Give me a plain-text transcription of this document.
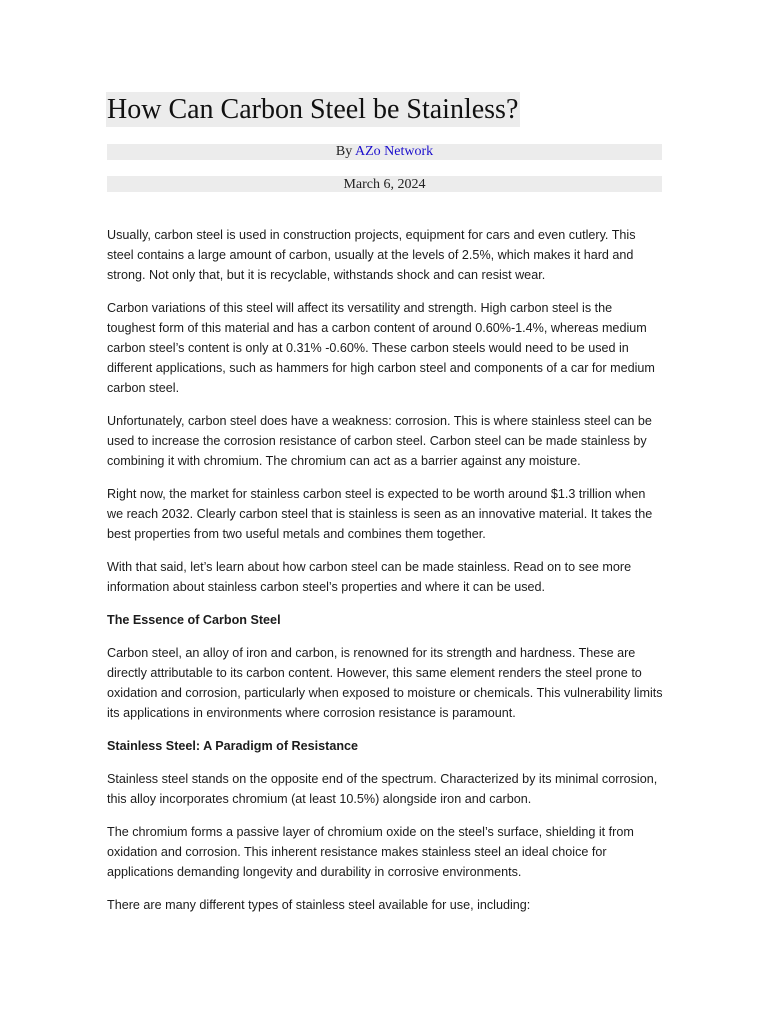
How Can Carbon Steel be Stainless?
By AZo Network
March 6, 2024

Usually, carbon steel is used in construction projects, equipment for cars and even cutlery. This steel contains a large amount of carbon, usually at the levels of 2.5%, which makes it hard and strong. Not only that, but it is recyclable, withstands shock and can resist wear.

Carbon variations of this steel will affect its versatility and strength. High carbon steel is the toughest form of this material and has a carbon content of around 0.60%-1.4%, whereas medium carbon steel’s content is only at 0.31% -0.60%. These carbon steels would need to be used in different applications, such as hammers for high carbon steel and components of a car for medium carbon steel.

Unfortunately, carbon steel does have a weakness: corrosion. This is where stainless steel can be used to increase the corrosion resistance of carbon steel. Carbon steel can be made stainless by combining it with chromium. The chromium can act as a barrier against any moisture.

Right now, the market for stainless carbon steel is expected to be worth around $1.3 trillion when we reach 2032. Clearly carbon steel that is stainless is seen as an innovative material. It takes the best properties from two useful metals and combines them together.

With that said, let’s learn about how carbon steel can be made stainless. Read on to see more information about stainless carbon steel’s properties and where it can be used.

The Essence of Carbon Steel

Carbon steel, an alloy of iron and carbon, is renowned for its strength and hardness. These are directly attributable to its carbon content. However, this same element renders the steel prone to oxidation and corrosion, particularly when exposed to moisture or chemicals. This vulnerability limits its applications in environments where corrosion resistance is paramount.

Stainless Steel: A Paradigm of Resistance

Stainless steel stands on the opposite end of the spectrum. Characterized by its minimal corrosion, this alloy incorporates chromium (at least 10.5%) alongside iron and carbon.

The chromium forms a passive layer of chromium oxide on the steel’s surface, shielding it from oxidation and corrosion. This inherent resistance makes stainless steel an ideal choice for applications demanding longevity and durability in corrosive environments.

There are many different types of stainless steel available for use, including:
